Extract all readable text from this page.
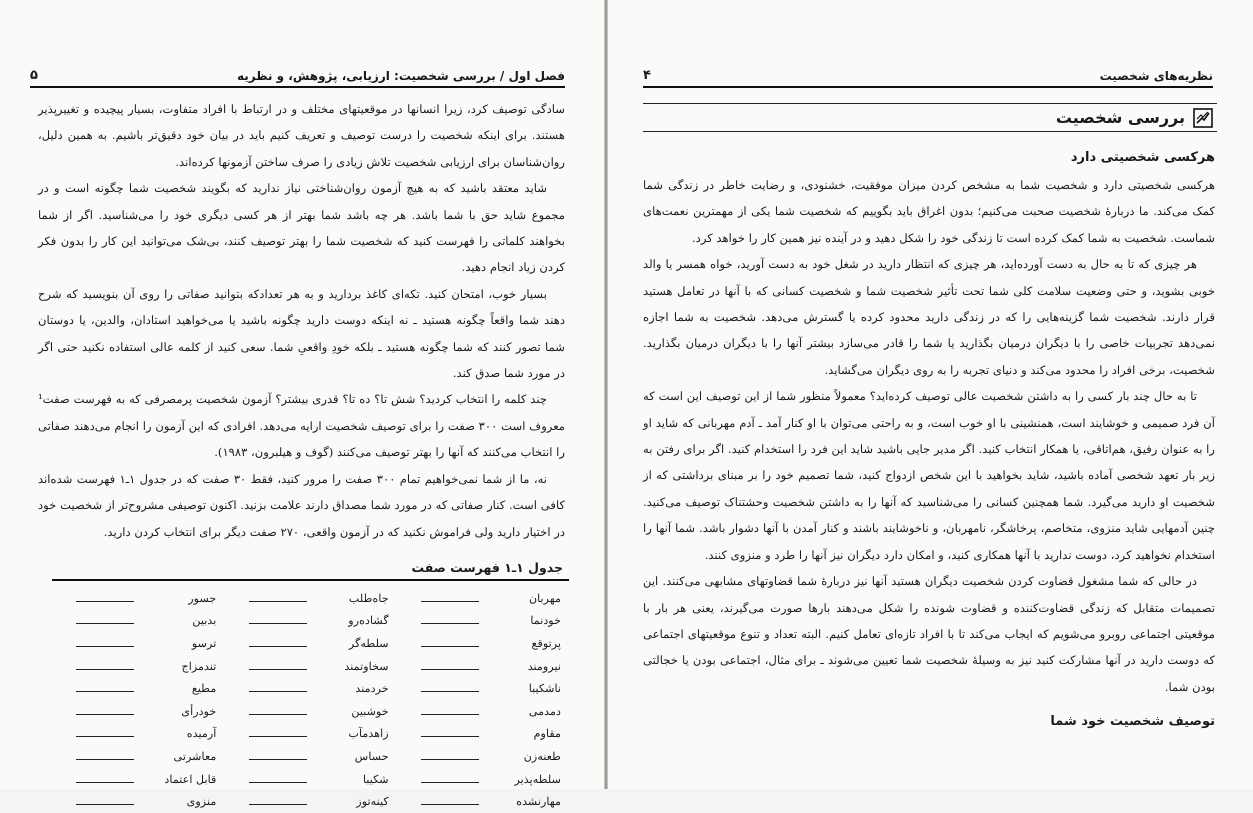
فصل اول / بررسی شخصیت: ارزیابی، پژوهش، و نظریه
۵

سادگی توصیف کرد، زیرا انسانها در موقعیتهای مختلف و در ارتباط با افراد متفاوت، بسیار پیچیده و تغییرپذیر هستند. برای اینکه شخصیت را درست توصیف و تعریف کنیم باید در بیان خود دقیق‌تر باشیم. به همین دلیل، روان‌شناسان برای ارزیابی شخصیت تلاش زیادی را صرف ساختن آزمونها کرده‌اند.

شاید معتقد باشید که به هیچ آزمون روان‌شناختی نیاز ندارید که بگویند شخصیت شما چگونه است و در مجموع شاید حق با شما باشد. هر چه باشد شما بهتر از هر کسی دیگری خود را می‌شناسید. اگر از شما بخواهند کلماتی را فهرست کنید که شخصیت شما را بهتر توصیف کنند، بی‌شک می‌توانید این کار را بدون فکر کردن زیاد انجام دهید.

بسیار خوب، امتحان کنید. تکه‌ای کاغذ بردارید و به هر تعدادکه بتوانید صفاتی را روی آن بنویسید که شرح دهند شما واقعاً چگونه هستید ـ نه اینکه دوست دارید چگونه باشید یا می‌خواهید استادان، والدین، یا دوستان شما تصور کنند که شما چگونه هستید ـ بلکه خودِ واقعیِ شما. سعی کنید از کلمه عالی استفاده نکنید حتی اگر در مورد شما صدق کند.

چند کلمه را انتخاب کردید؟ شش تا؟ ده تا؟ قدری بیشتر؟ آزمون شخصیت پرمصرفی که به فهرست صفت¹ معروف است ۳۰۰ صفت را برای توصیف شخصیت ارایه می‌دهد. افرادی که این آزمون را انجام می‌دهند صفاتی را انتخاب می‌کنند که آنها را بهتر توصیف می‌کنند (گوف و هیلبرون، ۱۹۸۳).

نه، ما از شما نمی‌خواهیم تمام ۳۰۰ صفت را مرور کنید، فقط ۳۰ صفت که در جدول ۱ـ۱ فهرست شده‌اند کافی است. کنار صفاتی که در مورد شما مصداق دارند علامت بزنید. اکنون توصیفی مشروح‌تر از شخصیت خود در اختیار دارید ولی فراموش نکنید که در آزمون واقعی، ۲۷۰ صفت دیگر برای انتخاب کردن دارید.

جدول ۱ـ۱ فهرست صفت
مهربان
خودنما
پرتوقع
نیرومند
ناشکیبا
دمدمی
مقاوم
طعنه‌زن
سلطه‌پذیر
مهارنشده
جاه‌طلب
گشاده‌رو
سلطه‌گر
سخاوتمند
خردمند
خوشبین
زاهدمآب
حساس
شکیبا
کینه‌توز
جسور
بدبین
ترسو
تندمزاج
مطیع
خودرأی
آرمیده
معاشرتی
قابل اعتماد
منزوی
نظریه‌های شخصیت
۴
بررسی شخصیت

هرکسی شخصیتی دارد

هرکسی شخصیتی دارد و شخصیت شما به مشخص کردن میزان موفقیت، خشنودی، و رضایت خاطر در زندگی شما کمک می‌کند. ما دربارهٔ شخصیت صحبت می‌کنیم؛ بدون اغراق باید بگوییم که شخصیت شما یکی از مهمترین نعمت‌های شماست. شخصیت به شما کمک کرده است تا زندگی خود را شکل دهید و در آینده نیز همین کار را خواهد کرد.

هر چیزی که تا به حال به دست آورده‌اید، هر چیزی که انتظار دارید در شغل خود به دست آورید، خواه همسر یا والد خوبی بشوید، و حتی وضعیت سلامت کلی شما تحت تأثیر شخصیت شما و شخصیت کسانی که با آنها در تعامل هستید قرار دارند. شخصیت شما گزینه‌هایی را که در زندگی دارید محدود کرده یا گسترش می‌دهد. شخصیت به شما اجازه نمی‌دهد تجربیات خاصی را با دیگران درمیان بگذارید یا شما را قادر می‌سازد بیشتر آنها را با دیگران درمیان بگذارید. شخصیت، برخی افراد را محدود می‌کند و دنیای تجربه را به روی دیگران می‌گشاید.

تا به حال چند بار کسی را به داشتن شخصیت عالی توصیف کرده‌اید؟ معمولاً منظور شما از این توصیف این است که آن فرد صمیمی و خوشایند است، همنشینی با او خوب است، و به راحتی می‌توان با او کنار آمد ـ آدم مهربانی که شاید او را به عنوان رفیق، هم‌اتاقی، یا همکار انتخاب کنید. اگر مدیر جایی باشید شاید این فرد را استخدام کنید. اگر برای رفتن به زیر بار تعهد شخصی آماده باشید، شاید بخواهید با این شخص ازدواج کنید، شما تصمیم خود را بر مبنای برداشتی که از شخصیت او دارید می‌گیرد. شما همچنین کسانی را می‌شناسید که آنها را به داشتن شخصیت وحشتناک توصیف می‌کنید. چنین آدمهایی شاید منزوی، متخاصم، پرخاشگر، نامهربان، و ناخوشایند باشند و کنار آمدن با آنها دشوار باشد. شما آنها را استخدام نخواهید کرد، دوست ندارید با آنها همکاری کنید، و امکان دارد دیگران نیز آنها را طرد و منزوی کنند.

در حالی که شما مشغول قضاوت کردن شخصیت دیگران هستید آنها نیز دربارهٔ شما قضاوتهای مشابهی می‌کنند. این تصمیمات متقابل که زندگی قضاوت‌کننده و قضاوت شونده را شکل می‌دهند بارها صورت می‌گیرند، یعنی هر بار با موقعیتی اجتماعی روبرو می‌شویم که ایجاب می‌کند تا با افراد تازه‌ای تعامل کنیم. البته تعداد و تنوع موقعیتهای اجتماعی که دوست دارید در آنها مشارکت کنید نیز به وسیلهٔ شخصیت شما تعیین می‌شوند ـ برای مثال، اجتماعی بودن یا خجالتی بودن شما.

توصیف شخصیت خود شما
